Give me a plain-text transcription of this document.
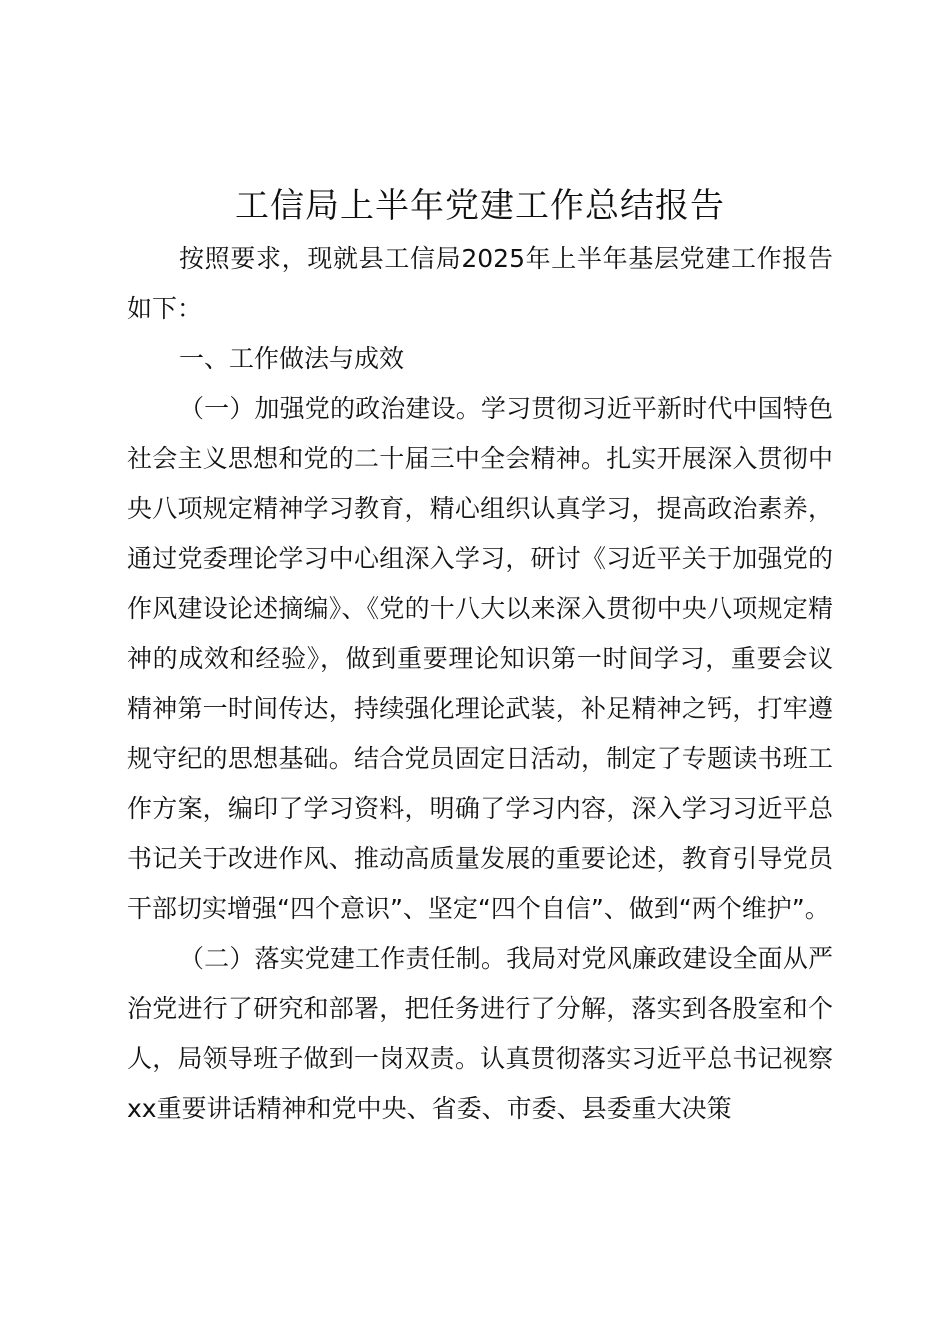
工信局上半年党建工作总结报告

按照要求，现就县工信局2025年上半年基层党建工作报告如下：

一、工作做法与成效

（一）加强党的政治建设。学习贯彻习近平新时代中国特色社会主义思想和党的二十届三中全会精神。扎实开展深入贯彻中央八项规定精神学习教育，精心组织认真学习，提高政治素养，通过党委理论学习中心组深入学习，研讨《习近平关于加强党的作风建设论述摘编》、《党的十八大以来深入贯彻中央八项规定精神的成效和经验》，做到重要理论知识第一时间学习，重要会议精神第一时间传达，持续强化理论武装，补足精神之钙，打牢遵规守纪的思想基础。结合党员固定日活动，制定了专题读书班工作方案，编印了学习资料，明确了学习内容，深入学习习近平总书记关于改进作风、推动高质量发展的重要论述，教育引导党员干部切实增强“四个意识”、坚定“四个自信”、做到“两个维护”。

（二）落实党建工作责任制。我局对党风廉政建设全面从严治党进行了研究和部署，把任务进行了分解，落实到各股室和个人，局领导班子做到一岗双责。认真贯彻落实习近平总书记视察xx重要讲话精神和党中央、省委、市委、县委重大决策
